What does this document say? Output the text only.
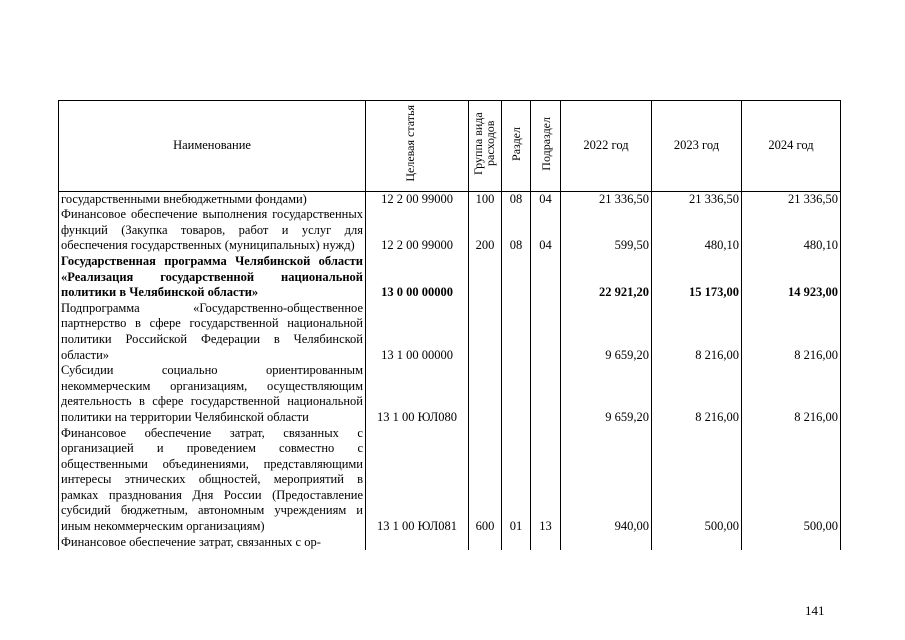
Наименование	Целевая статья	Группа вида расходов	Раздел	Подраздел	2022 год	2023 год	2024 год
государственными внебюджетными фондами)	12 2 00 99000	100	08	04	21 336,50	21 336,50	21 336,50
Финансовое обеспечение выполнения государственных функций (Закупка товаров, работ и услуг для обеспечения государственных (муниципальных) нужд)	12 2 00 99000	200	08	04	599,50	480,10	480,10
Государственная программа Челябинской области «Реализация государственной национальной политики в Челябинской области»	13 0 00 00000				22 921,20	15 173,00	14 923,00
Подпрограмма «Государственно-общественное партнерство в сфере государственной национальной политики Российской Федерации в Челябинской области»	13 1 00 00000				9 659,20	8 216,00	8 216,00
Субсидии социально ориентированным некоммерческим организациям, осуществляющим деятельность в сфере государственной национальной политики на территории Челябинской области	13 1 00 ЮЛ080				9 659,20	8 216,00	8 216,00
Финансовое обеспечение затрат, связанных с организацией и проведением совместно с общественными объединениями, представляющими интересы этнических общностей, мероприятий в рамках празднования Дня России (Предоставление субсидий бюджетным, автономным учреждениям и иным некоммерческим организациям)	13 1 00 ЮЛ081	600	01	13	940,00	500,00	500,00
Финансовое обеспечение затрат, связанных с ор-							
141
